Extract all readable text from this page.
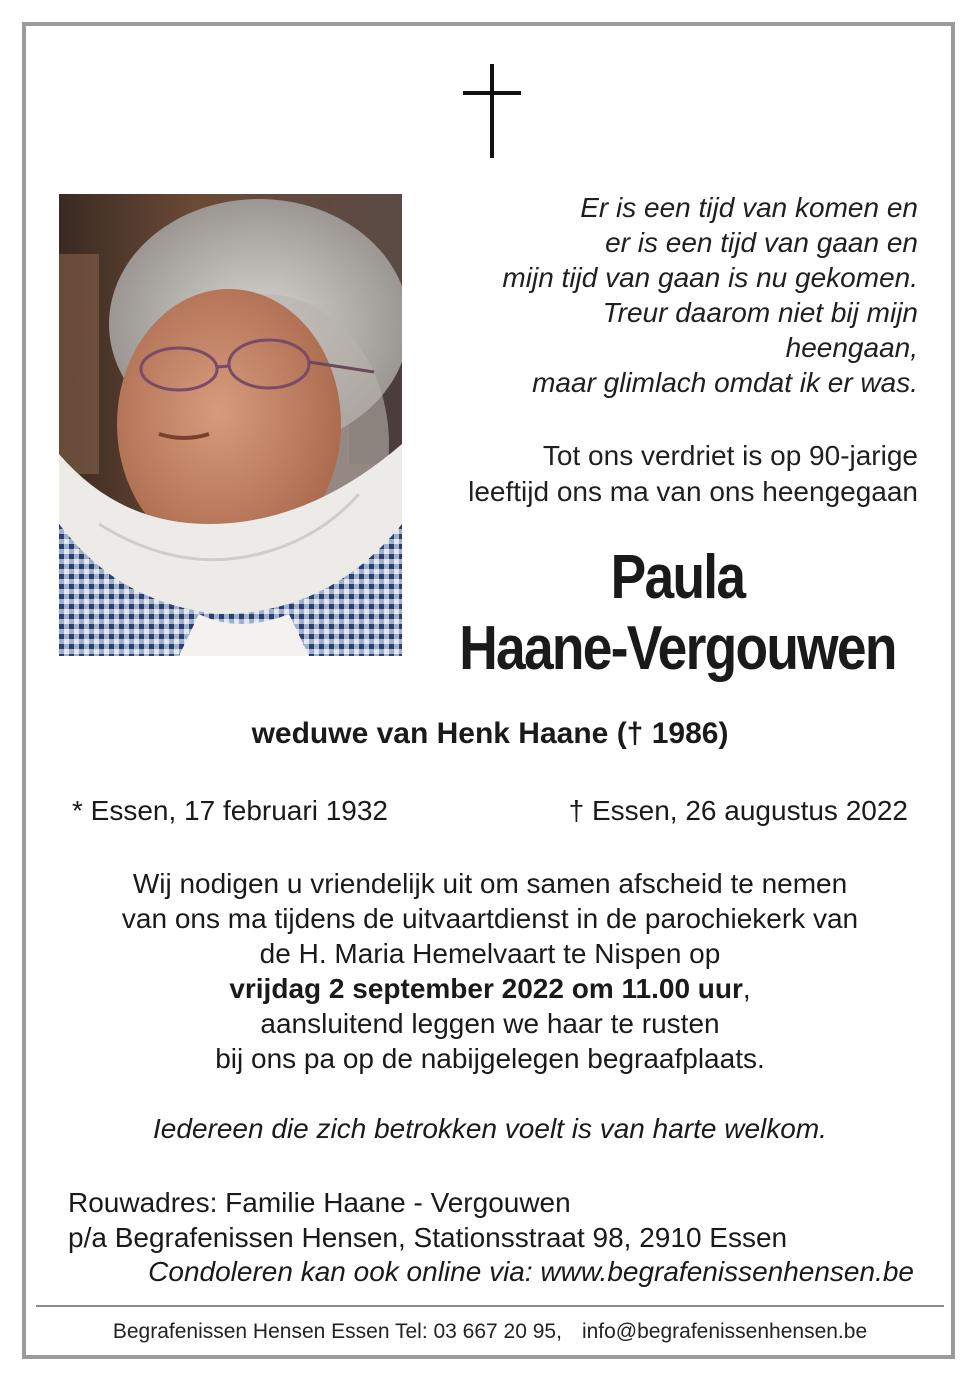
Er is een tijd van komen en
er is een tijd van gaan en
mijn tijd van gaan is nu gekomen.
Treur daarom niet bij mijn
heengaan,
maar glimlach omdat ik er was.
Tot ons verdriet is op 90-jarige
leeftijd ons ma van ons heengegaan
Paula
Haane-Vergouwen
weduwe van Henk Haane († 1986)
* Essen, 17 februari 1932	† Essen, 26 augustus 2022
Wij nodigen u vriendelijk uit om samen afscheid te nemen
van ons ma tijdens de uitvaartdienst in de parochiekerk van
de H. Maria Hemelvaart te Nispen op
vrijdag 2 september 2022 om 11.00 uur,
aansluitend leggen we haar te rusten
bij ons pa op de nabijgelegen begraafplaats.
Iedereen die zich betrokken voelt is van harte welkom.
Rouwadres: Familie Haane - Vergouwen
p/a Begrafenissen Hensen, Stationsstraat 98, 2910 Essen
Condoleren kan ook online via: www.begrafenissenhensen.be
Begrafenissen Hensen Essen Tel: 03 667 20 95, info@begrafenissenhensen.be
